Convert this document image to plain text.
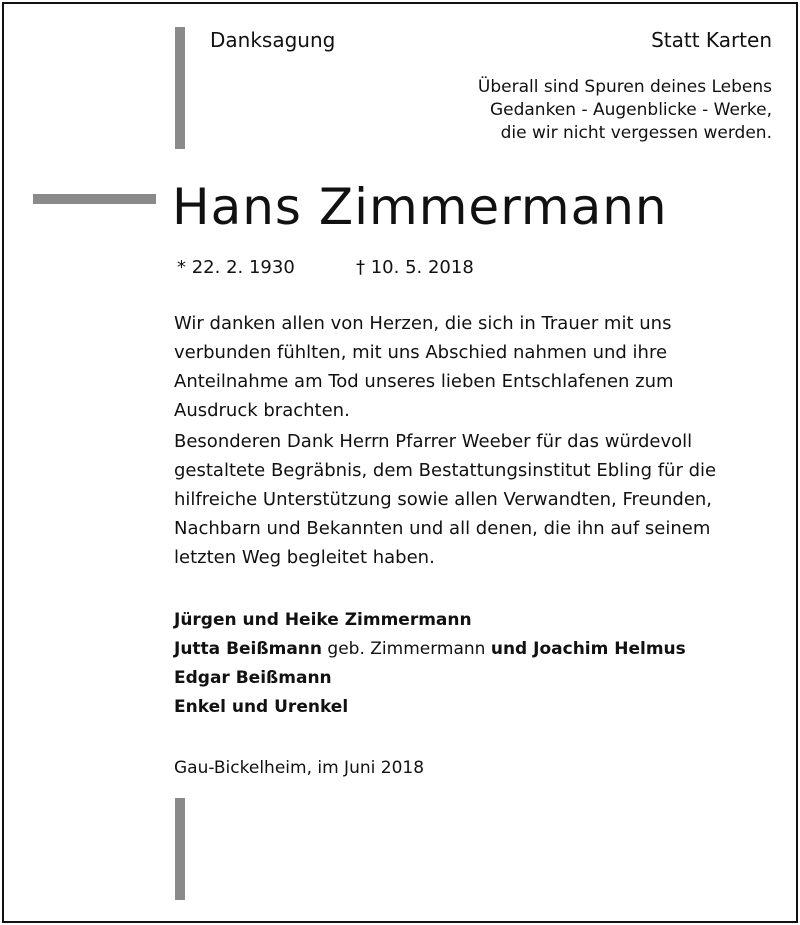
Danksagung	Statt Karten
Überall sind Spuren deines Lebens
Gedanken - Augenblicke - Werke,
die wir nicht vergessen werden.
Hans Zimmermann
* 22. 2. 1930	† 10. 5. 2018
Wir danken allen von Herzen, die sich in Trauer mit uns
verbunden fühlten, mit uns Abschied nahmen und ihre
Anteilnahme am Tod unseres lieben Entschlafenen zum
Ausdruck brachten.
Besonderen Dank Herrn Pfarrer Weeber für das würdevoll
gestaltete Begräbnis, dem Bestattungsinstitut Ebling für die
hilfreiche Unterstützung sowie allen Verwandten, Freunden,
Nachbarn und Bekannten und all denen, die ihn auf seinem
letzten Weg begleitet haben.
Jürgen und Heike Zimmermann
Jutta Beißmann geb. Zimmermann und Joachim Helmus
Edgar Beißmann
Enkel und Urenkel
Gau-Bickelheim, im Juni 2018
